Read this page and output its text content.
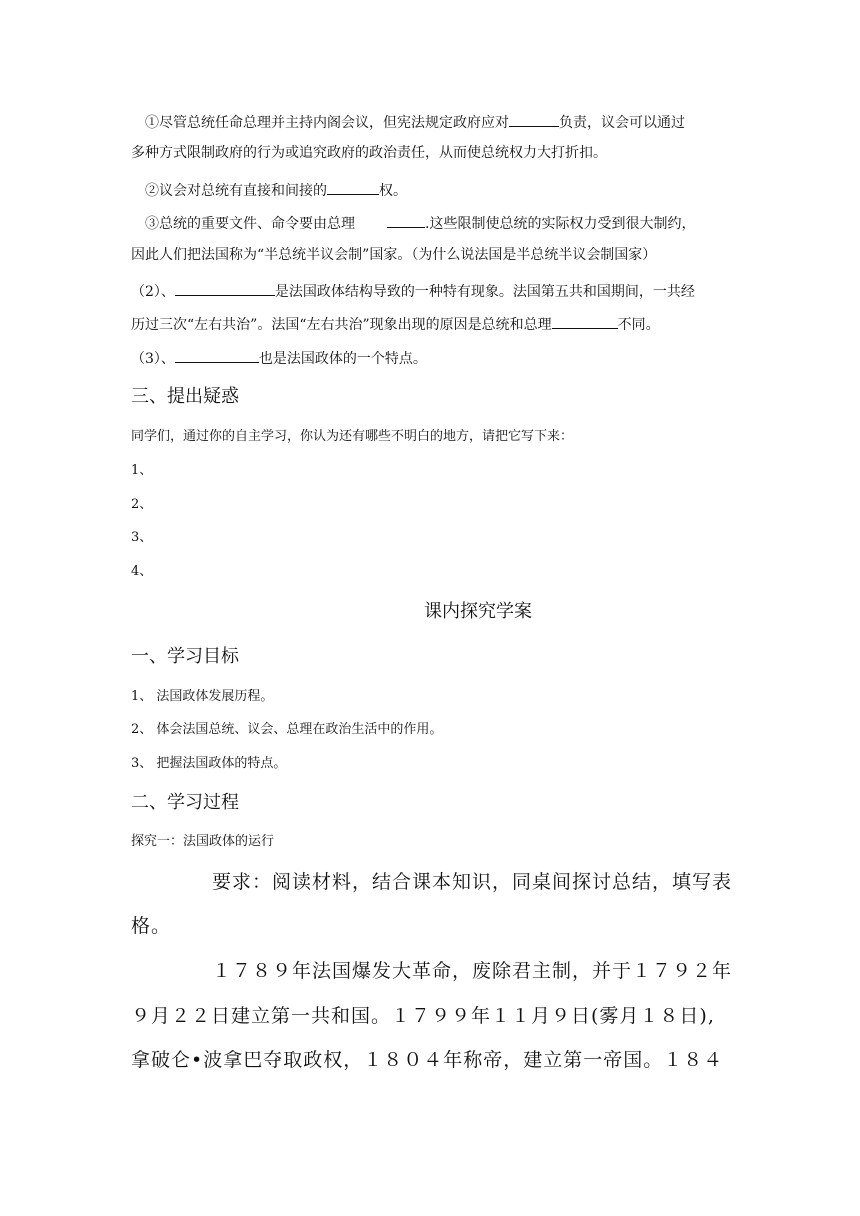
①尽管总统任命总理并主持内阁会议，但宪法规定政府应对	负责，议会可以通过
多种方式限制政府的行为或追究政府的政治责任，从而使总统权力大打折扣。
②议会对总统有直接和间接的	权。
③总统的重要文件、命令要由总理	.这些限制使总统的实际权力受到很大制约，
因此人们把法国称为“半总统半议会制”国家。（为什么说法国是半总统半议会制国家）
（2）、	是法国政体结构导致的一种特有现象。法国第五共和国期间，一共经
历过三次“左右共治”。法国“左右共治”现象出现的原因是总统和总理	不同。
（3）、	也是法国政体的一个特点。
三、提出疑惑
同学们，通过你的自主学习，你认为还有哪些不明白的地方，请把它写下来：
1、
2、
3、
4、
课内探究学案
一、学习目标
1、 法国政体发展历程。
2、 体会法国总统、议会、总理在政治生活中的作用。
3、 把握法国政体的特点。
二、学习过程
探究一：法国政体的运行
要求：阅读材料，结合课本知识，同桌间探讨总结，填写表
格。
１７８９年法国爆发大革命，废除君主制，并于１７９２年
９月２２日建立第一共和国。１７９９年１１月９日(雾月１８日),
拿破仑•波拿巴夺取政权，１８０４年称帝，建立第一帝国。１８４
